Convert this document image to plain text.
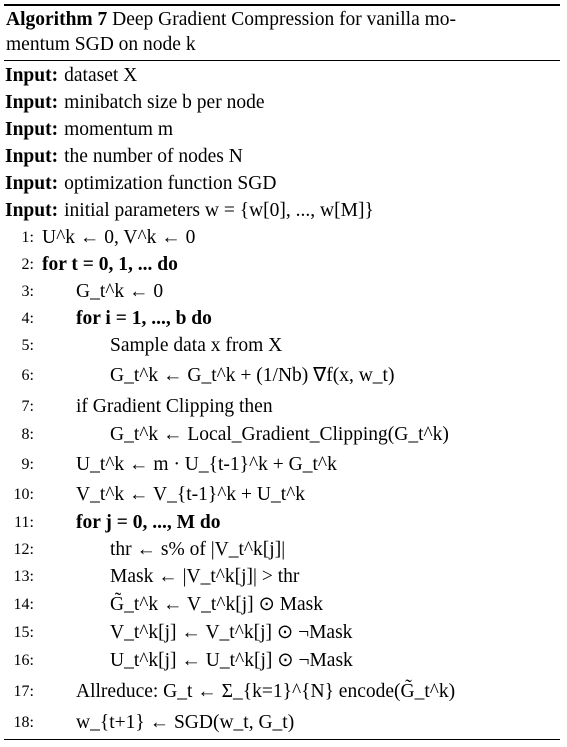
Algorithm 7 Deep Gradient Compression for vanilla mo-
mentum SGD on node k
Input: dataset X
Input: minibatch size b per node
Input: momentum m
Input: the number of nodes N
Input: optimization function SGD
Input: initial parameters w = {w[0], ..., w[M]}
1: U^k ← 0, V^k ← 0
2: for t = 0, 1, ... do
3: G_t^k ← 0
4: for i = 1, ..., b do
5:	Sample data x from X
6:	G_t^k ← G_t^k + (1/Nb) ∇f(x, w_t)
7: if Gradient Clipping then
8:	G_t^k ← Local_Gradient_Clipping(G_t^k)
9: U_t^k ← m · U_{t-1}^k + G_t^k
10: V_t^k ← V_{t-1}^k + U_t^k
11: for j = 0, ..., M do
12:	thr ← s% of |V_t^k[j]|
13:	Mask ← |V_t^k[j]| > thr
14:	G̃_t^k ← V_t^k[j] ⊙ Mask
15:	V_t^k[j] ← V_t^k[j] ⊙ ¬Mask
16:	U_t^k[j] ← U_t^k[j] ⊙ ¬Mask
17: Allreduce: G_t ← Σ_{k=1}^{N} encode(G̃_t^k)
18: w_{t+1} ← SGD(w_t, G_t)
